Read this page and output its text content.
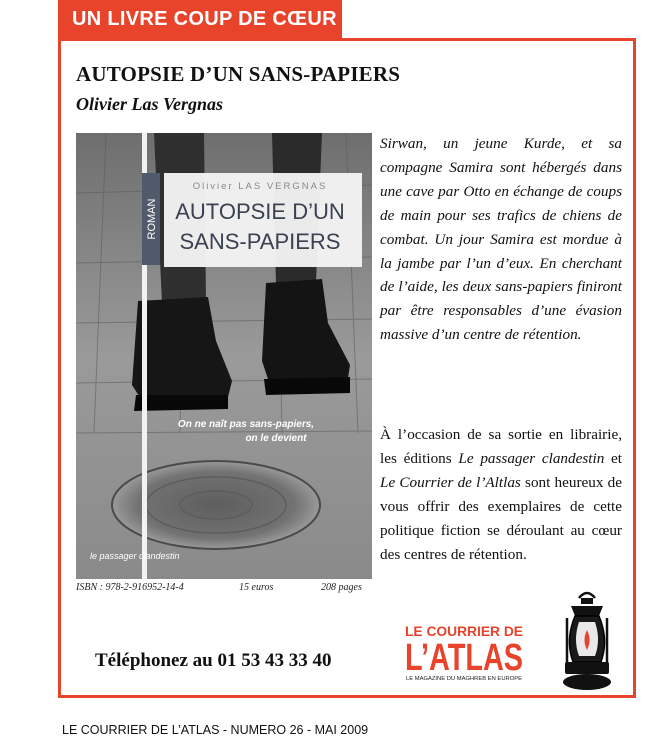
UN LIVRE COUP DE CŒUR
AUTOPSIE D’UN SANS-PAPIERS
Olivier Las Vergnas
ROMAN
Olivier LAS VERGNAS
AUTOPSIE D’UN
SANS-PAPIERS
On ne naît pas sans-papiers,
on le devient
le passager clandestin
ISBN : 978-2-916952-14-4	15 euros	208 pages

Sirwan, un jeune Kurde, et sa compagne Samira sont hébergés dans une cave par Otto en échange de coups de main pour ses trafics de chiens de combat. Un jour Samira est mordue à la jambe par l’un d’eux. En cherchant de l’aide, les deux sans-papiers finiront par être responsables d’une évasion massive d’un centre de rétention.

À l’occasion de sa sortie en librairie, les éditions Le passager clandestin et Le Courrier de l’Altlas sont heureux de vous offrir des exemplaires de cette politique fiction se déroulant au cœur des centres de rétention.

Téléphonez au 01 53 43 33 40
LE COURRIER DE
L’ATLAS
LE MAGAZINE DU MAGHREB EN EUROPE
LE COURRIER DE L’ATLAS - NUMERO 26 - MAI 2009
